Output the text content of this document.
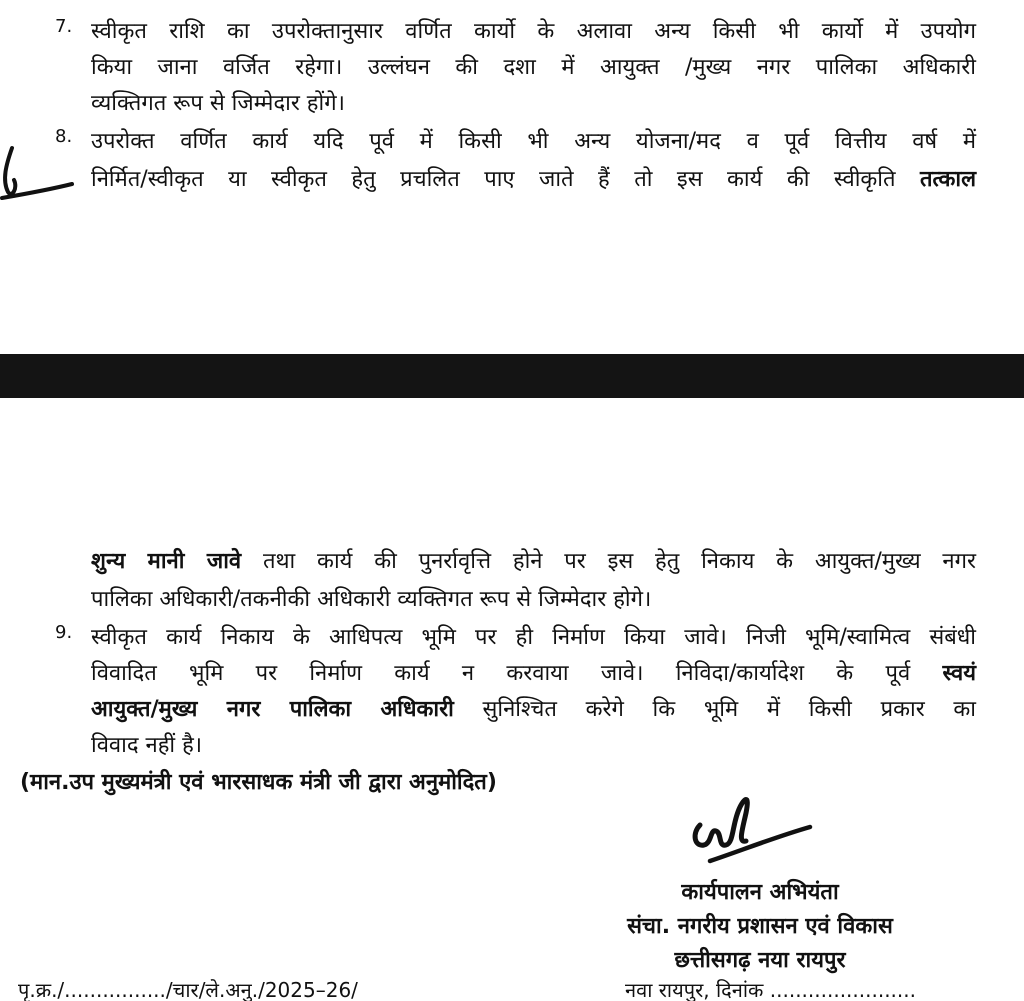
7. स्वीकृत राशि का उपरोक्तानुसार वर्णित कार्यो के अलावा अन्य किसी भी कार्यो में उपयोग
किया जाना वर्जित रहेगा। उल्लंघन की दशा में आयुक्त /मुख्य नगर पालिका अधिकारी
व्यक्तिगत रूप से जिम्मेदार होंगे।
8. उपरोक्त वर्णित कार्य यदि पूर्व में किसी भी अन्य योजना/मद व पूर्व वित्तीय वर्ष में
निर्मित/स्वीकृत या स्वीकृत हेतु प्रचलित पाए जाते हैं तो इस कार्य की स्वीकृति तत्काल
शुन्य मानी जावे तथा कार्य की पुनर्रावृत्ति होने पर इस हेतु निकाय के आयुक्त/मुख्य नगर
पालिका अधिकारी/तकनीकी अधिकारी व्यक्तिगत रूप से जिम्मेदार होगे।
9. स्वीकृत कार्य निकाय के आधिपत्य भूमि पर ही निर्माण किया जावे। निजी भूमि/स्वामित्व संबंधी
विवादित भूमि पर निर्माण कार्य न करवाया जावे। निविदा/कार्यादेश के पूर्व स्वयं
आयुक्त/मुख्य नगर पालिका अधिकारी सुनिश्चित करेगे कि भूमि में किसी प्रकार का
विवाद नहीं है।
(मान.उप मुख्यमंत्री एवं भारसाधक मंत्री जी द्वारा अनुमोदित)
कार्यपालन अभियंता
संचा. नगरीय प्रशासन एवं विकास
छत्तीसगढ़ नया रायपुर
पृ.क्र./................/चार/ले.अनु./2025–26/	नवा रायपुर, दिनांक .......................
